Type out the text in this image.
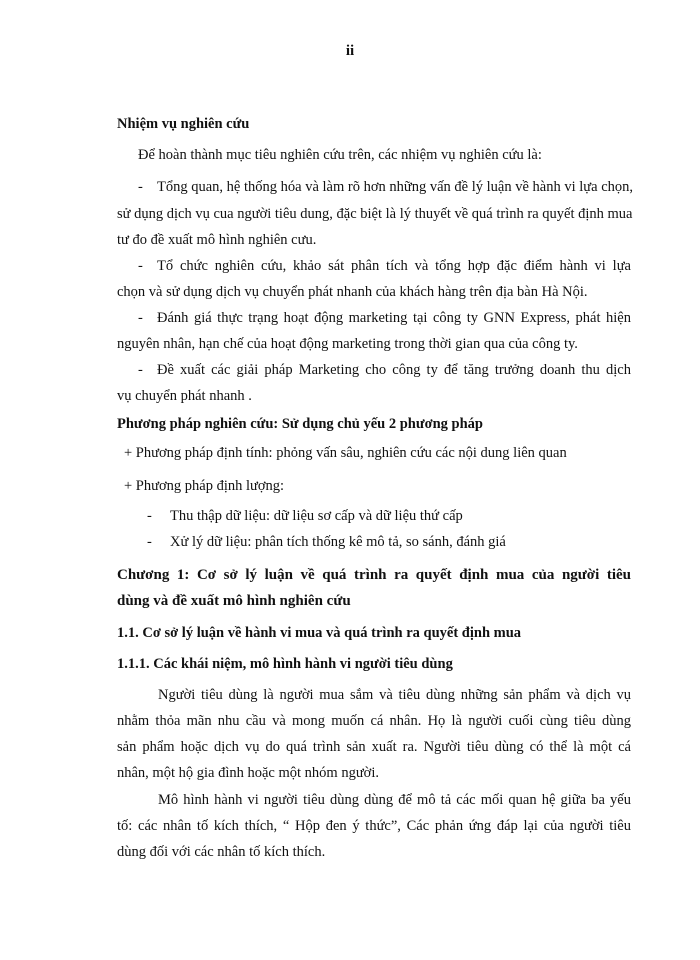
ii
Nhiệm vụ nghiên cứu
Để hoàn thành mục tiêu nghiên cứu trên, các nhiệm vụ nghiên cứu là:
- Tổng quan, hệ thống hóa và làm rõ hơn những vấn đề lý luận về hành vi lựa chọn,
sử dụng dịch vụ cua người tiêu dung, đặc biệt là lý thuyết về quá trình ra quyết định mua
tư đo đề xuất mô hình nghiên cưu.
- Tổ chức nghiên cứu, khảo sát phân tích và tổng hợp đặc điểm hành vi lựa
chọn và sử dụng dịch vụ chuyển phát nhanh của khách hàng trên địa bàn Hà Nội.
- Đánh giá thực trạng hoạt động marketing tại công ty GNN Express, phát hiện
nguyên nhân, hạn chế của hoạt động marketing trong thời gian qua của công ty.
- Đề xuất các giải pháp Marketing cho công ty để tăng trưởng doanh thu dịch
vụ chuyển phát nhanh .
Phương pháp nghiên cứu: Sử dụng chủ yếu 2 phương pháp
+ Phương pháp định tính: phỏng vấn sâu, nghiên cứu các nội dung liên quan
+ Phương pháp định lượng:
- Thu thập dữ liệu: dữ liệu sơ cấp và dữ liệu thứ cấp
- Xử lý dữ liệu: phân tích thống kê mô tả, so sánh, đánh giá
Chương 1: Cơ sở lý luận về quá trình ra quyết định mua của người tiêu
dùng và đề xuất mô hình nghiên cứu
1.1. Cơ sở lý luận về hành vi mua và quá trình ra quyết định mua
1.1.1. Các khái niệm, mô hình hành vi người tiêu dùng
Người tiêu dùng là người mua sắm và tiêu dùng những sản phẩm và dịch vụ
nhằm thỏa mãn nhu cầu và mong muốn cá nhân. Họ là người cuối cùng tiêu dùng
sản phẩm hoặc dịch vụ do quá trình sản xuất ra. Người tiêu dùng có thể là một cá
nhân, một hộ gia đình hoặc một nhóm người.
Mô hình hành vi người tiêu dùng dùng để mô tả các mối quan hệ giữa ba yếu
tố: các nhân tố kích thích, “ Hộp đen ý thức”, Các phản ứng đáp lại của người tiêu
dùng đối với các nhân tố kích thích.
